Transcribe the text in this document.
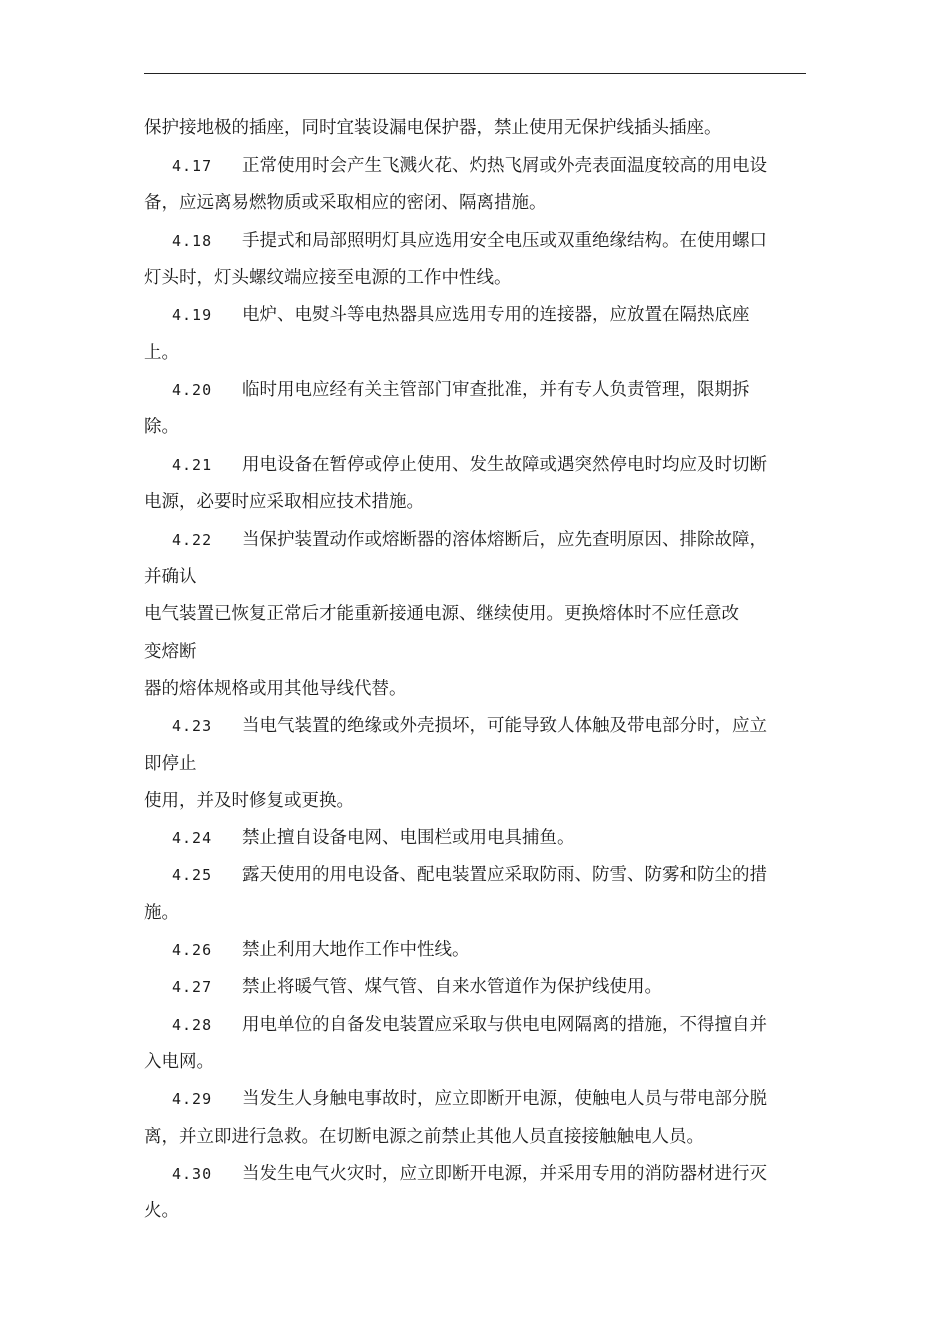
保护接地极的插座，同时宜装设漏电保护器，禁止使用无保护线插头插座。
4.17 正常使用时会产生飞溅火花、灼热飞屑或外壳表面温度较高的用电设
备，应远离易燃物质或采取相应的密闭、隔离措施。
4.18 手提式和局部照明灯具应选用安全电压或双重绝缘结构。在使用螺口
灯头时，灯头螺纹端应接至电源的工作中性线。
4.19 电炉、电熨斗等电热器具应选用专用的连接器，应放置在隔热底座
上。
4.20 临时用电应经有关主管部门审查批准，并有专人负责管理，限期拆
除。
4.21 用电设备在暂停或停止使用、发生故障或遇突然停电时均应及时切断
电源，必要时应采取相应技术措施。
4.22 当保护装置动作或熔断器的溶体熔断后，应先查明原因、排除故障，
并确认
电气装置已恢复正常后才能重新接通电源、继续使用。更换熔体时不应任意改
变熔断
器的熔体规格或用其他导线代替。
4.23 当电气装置的绝缘或外壳损坏，可能导致人体触及带电部分时，应立
即停止
使用，并及时修复或更换。
4.24 禁止擅自设备电网、电围栏或用电具捕鱼。
4.25 露天使用的用电设备、配电装置应采取防雨、防雪、防雾和防尘的措
施。
4.26 禁止利用大地作工作中性线。
4.27 禁止将暖气管、煤气管、自来水管道作为保护线使用。
4.28 用电单位的自备发电装置应采取与供电电网隔离的措施，不得擅自并
入电网。
4.29 当发生人身触电事故时，应立即断开电源，使触电人员与带电部分脱
离，并立即进行急救。在切断电源之前禁止其他人员直接接触触电人员。
4.30 当发生电气火灾时，应立即断开电源，并采用专用的消防器材进行灭
火。
